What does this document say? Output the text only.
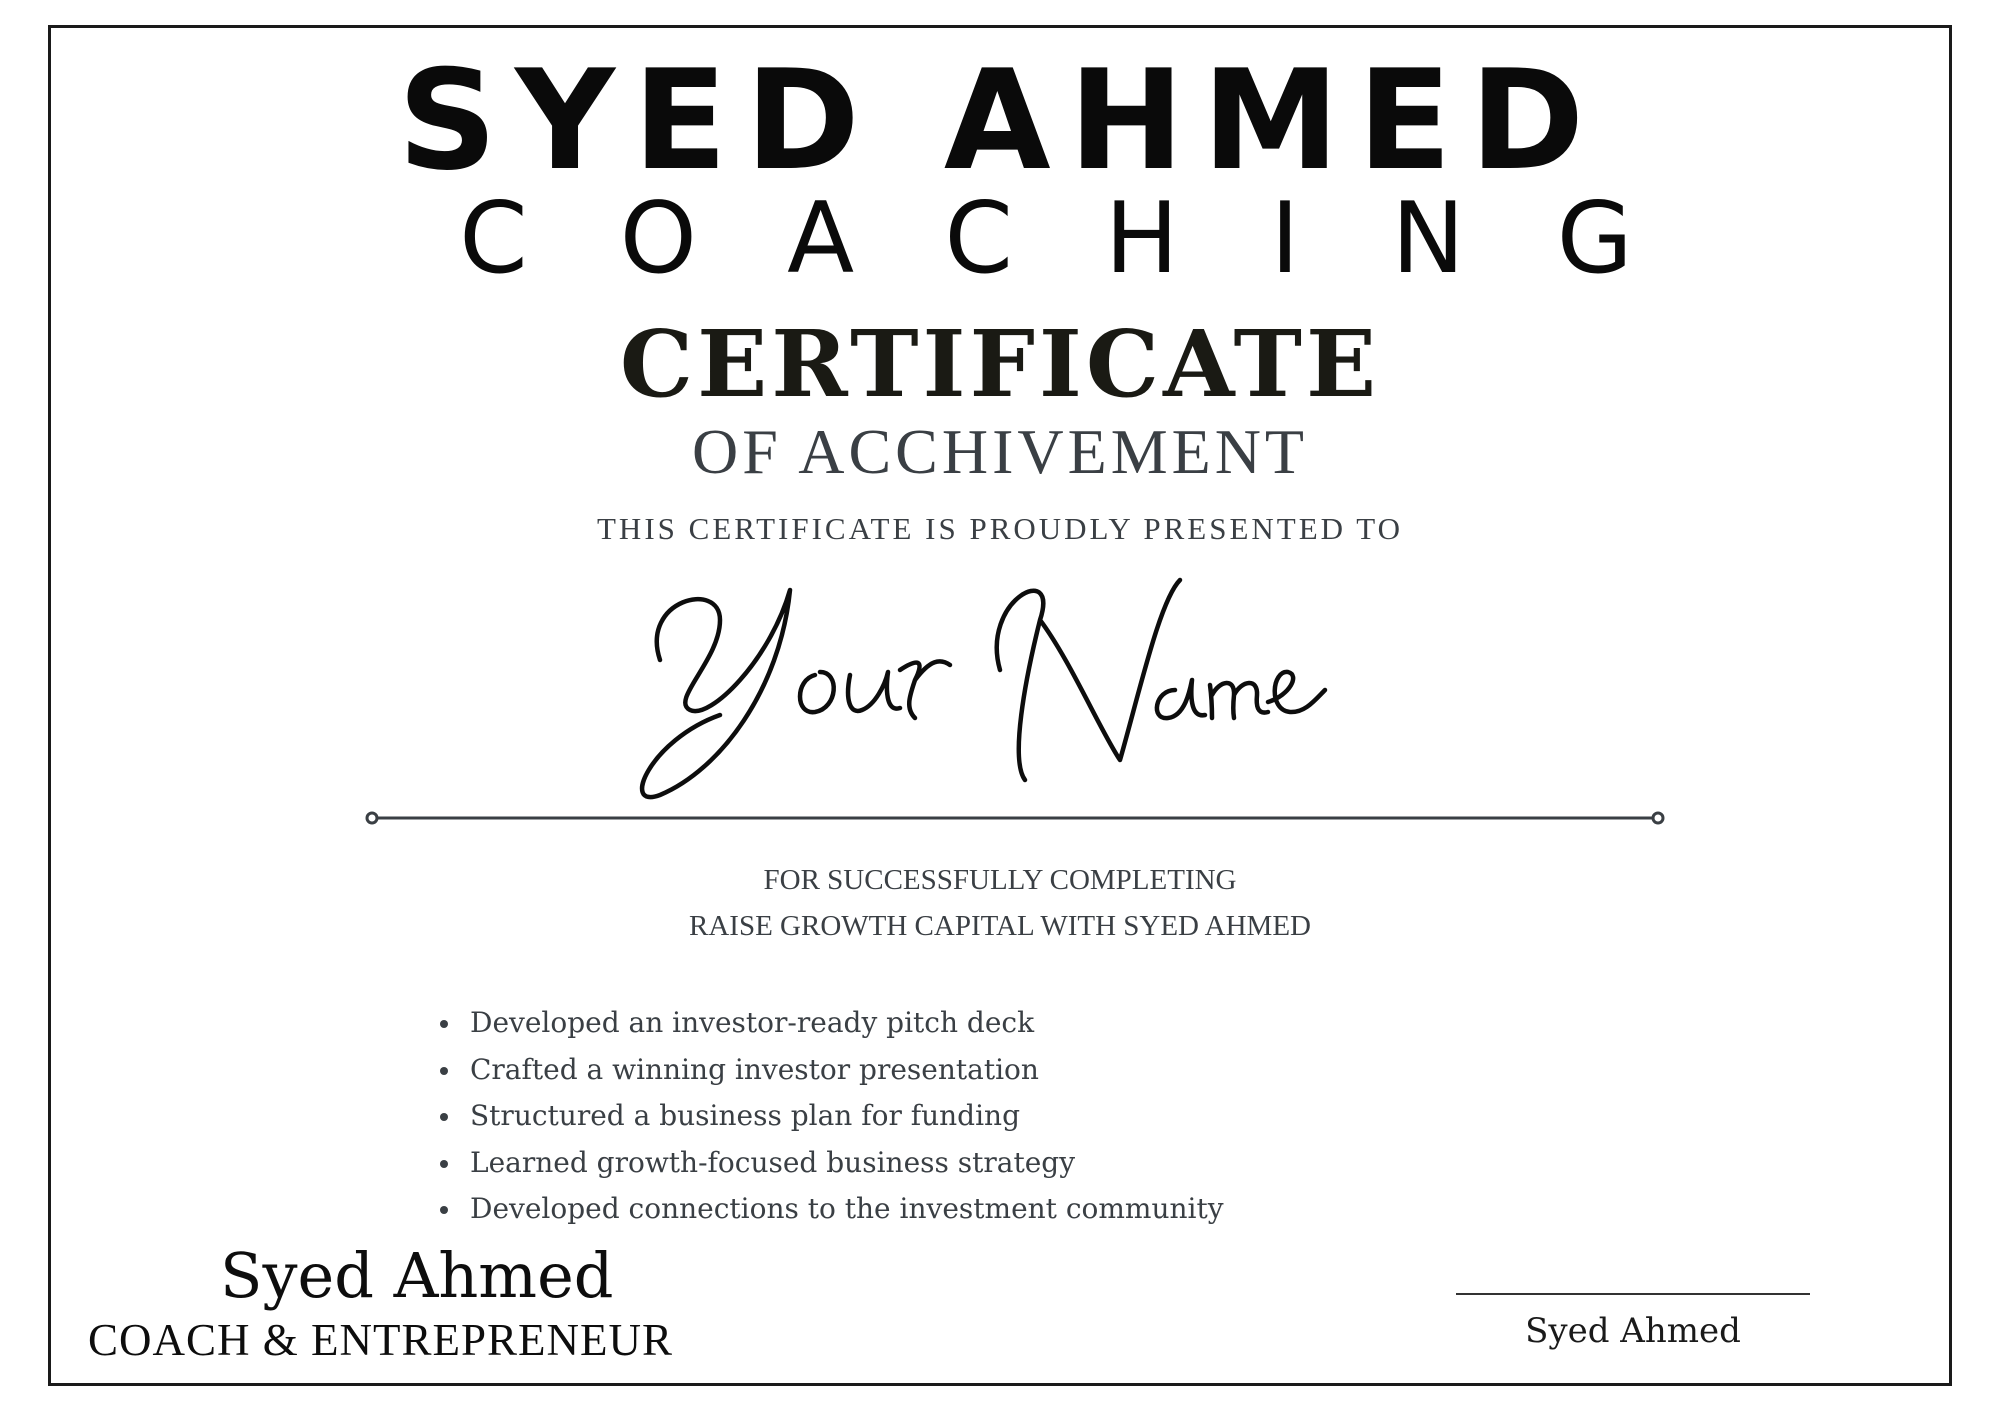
SYED AHMED
COACHING
CERTIFICATE
OF ACCHIVEMENT
THIS CERTIFICATE IS PROUDLY PRESENTED TO
FOR SUCCESSFULLY COMPLETING
RAISE GROWTH CAPITAL WITH SYED AHMED
Developed an investor-ready pitch deck
Crafted a winning investor presentation
Structured a business plan for funding
Learned growth-focused business strategy
Developed connections to the investment community
Syed Ahmed
COACH & ENTREPRENEUR	Syed Ahmed
